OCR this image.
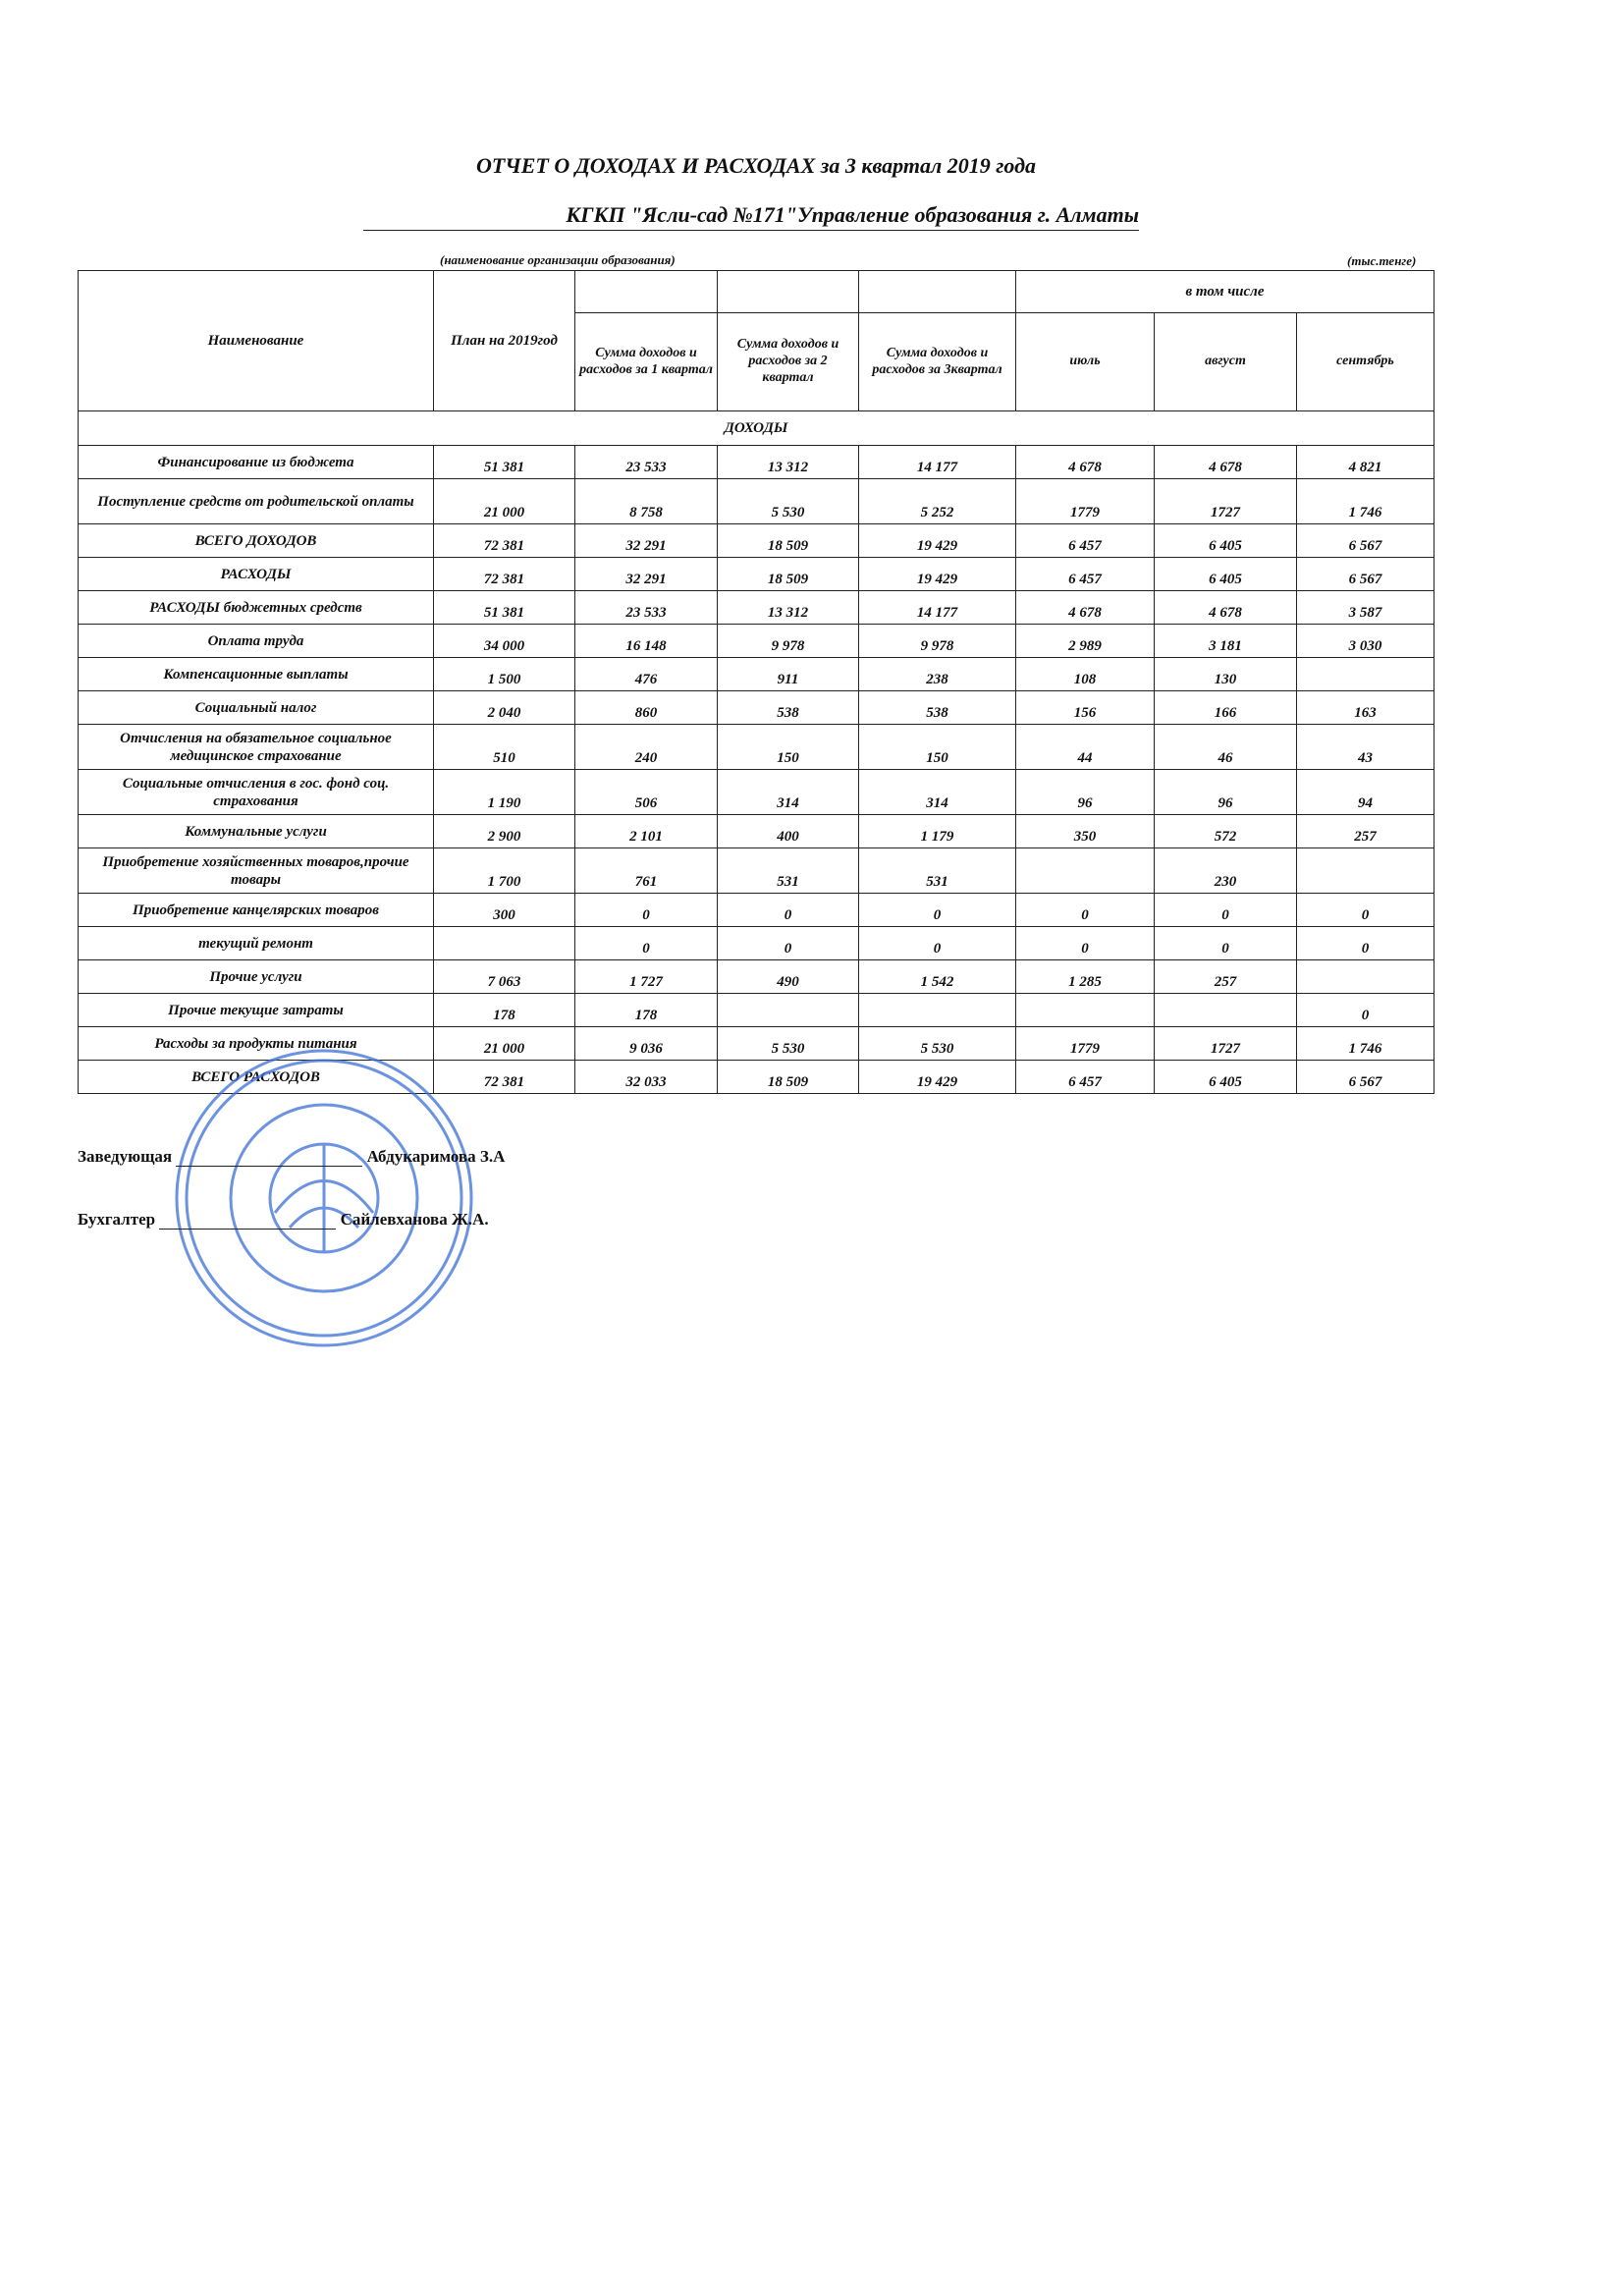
ОТЧЕТ О ДОХОДАХ И РАСХОДАХ за 3 квартал 2019 года
КГКП "Ясли-сад №171"Управление образования г. Алматы
(наименование организации образования)	(тыс.тенге)
Наименование	План на 2019год				в том числе		
		Сумма доходов и расходов за 1 квартал	Сумма доходов и расходов за 2 квартал	Сумма доходов и расходов за 3квартал	июль	август	сентябрь
ДОХОДЫ							
Финансирование из бюджета	51 381	23 533	13 312	14 177	4 678	4 678	4 821
Поступление средств от родительской оплаты	21 000	8 758	5 530	5 252	1779	1727	1 746
ВСЕГО ДОХОДОВ	72 381	32 291	18 509	19 429	6 457	6 405	6 567
РАСХОДЫ	72 381	32 291	18 509	19 429	6 457	6 405	6 567
РАСХОДЫ бюджетных средств	51 381	23 533	13 312	14 177	4 678	4 678	3 587
Оплата труда	34 000	16 148	9 978	9 978	2 989	3 181	3 030
Компенсационные выплаты	1 500	476	911	238	108	130	
Социальный налог	2 040	860	538	538	156	166	163
Отчисления на обязательное социальное медицинское страхование	510	240	150	150	44	46	43
Социальные отчисления в гос. фонд соц. страхования	1 190	506	314	314	96	96	94
Коммунальные услуги	2 900	2 101	400	1 179	350	572	257
Приобретение хозяйственных товаров,прочие товары	1 700	761	531	531		230	
Приобретение канцелярских товаров	300	0	0	0	0	0	0
текущий ремонт		0	0	0	0	0	0
Прочие услуги	7 063	1 727	490	1 542	1 285	257	
Прочие текущие затраты	178	178					0
Расходы за продукты питания	21 000	9 036	5 530	5 530	1779	1727	1 746
ВСЕГО РАСХОДОВ	72 381	32 033	18 509	19 429	6 457	6 405	6 567
Заведующая	Абдукаримова З.А
Бухгалтер	Сайлевханова Ж.А.
